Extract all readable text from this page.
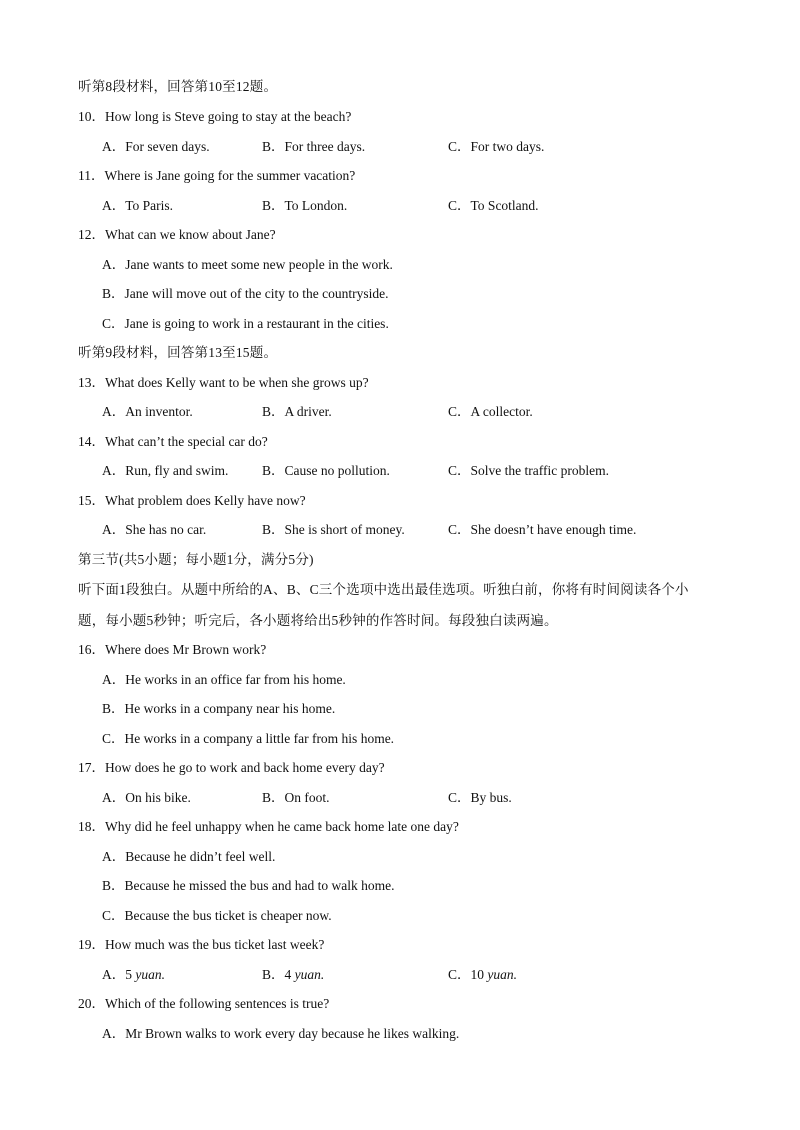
听第8段材料，回答第10至12题。
10．How long is Steve going to stay at the beach?
A．For seven days.	B．For three days.	C．For two days.
11．Where is Jane going for the summer vacation?
A．To Paris.	B．To London.	C．To Scotland.
12．What can we know about Jane?
A．Jane wants to meet some new people in the work.
B．Jane will move out of the city to the countryside.
C．Jane is going to work in a restaurant in the cities.
听第9段材料，回答第13至15题。
13．What does Kelly want to be when she grows up?
A．An inventor.	B．A driver.	C．A collector.
14．What can’t the special car do?
A．Run, fly and swim. B．Cause no pollution.	C．Solve the traffic problem.
15．What problem does Kelly have now?
A．She has no car.	B．She is short of money.	C．She doesn’t have enough time.
第三节(共5小题；每小题1分，满分5分)
听下面1段独白。从题中所给的A、B、C三个选项中选出最佳选项。听独白前，你将有时间阅读各个小
题，每小题5秒钟；听完后，各小题将给出5秒钟的作答时间。每段独白读两遍。
16．Where does Mr Brown work?
A．He works in an office far from his home.
B．He works in a company near his home.
C．He works in a company a little far from his home.
17．How does he go to work and back home every day?
A．On his bike.	B．On foot.	C．By bus.
18．Why did he feel unhappy when he came back home late one day?
A．Because he didn’t feel well.
B．Because he missed the bus and had to walk home.
C．Because the bus ticket is cheaper now.
19．How much was the bus ticket last week?
A．5 yuan.	B．4 yuan.	C．10 yuan.
20．Which of the following sentences is true?
A．Mr Brown walks to work every day because he likes walking.
